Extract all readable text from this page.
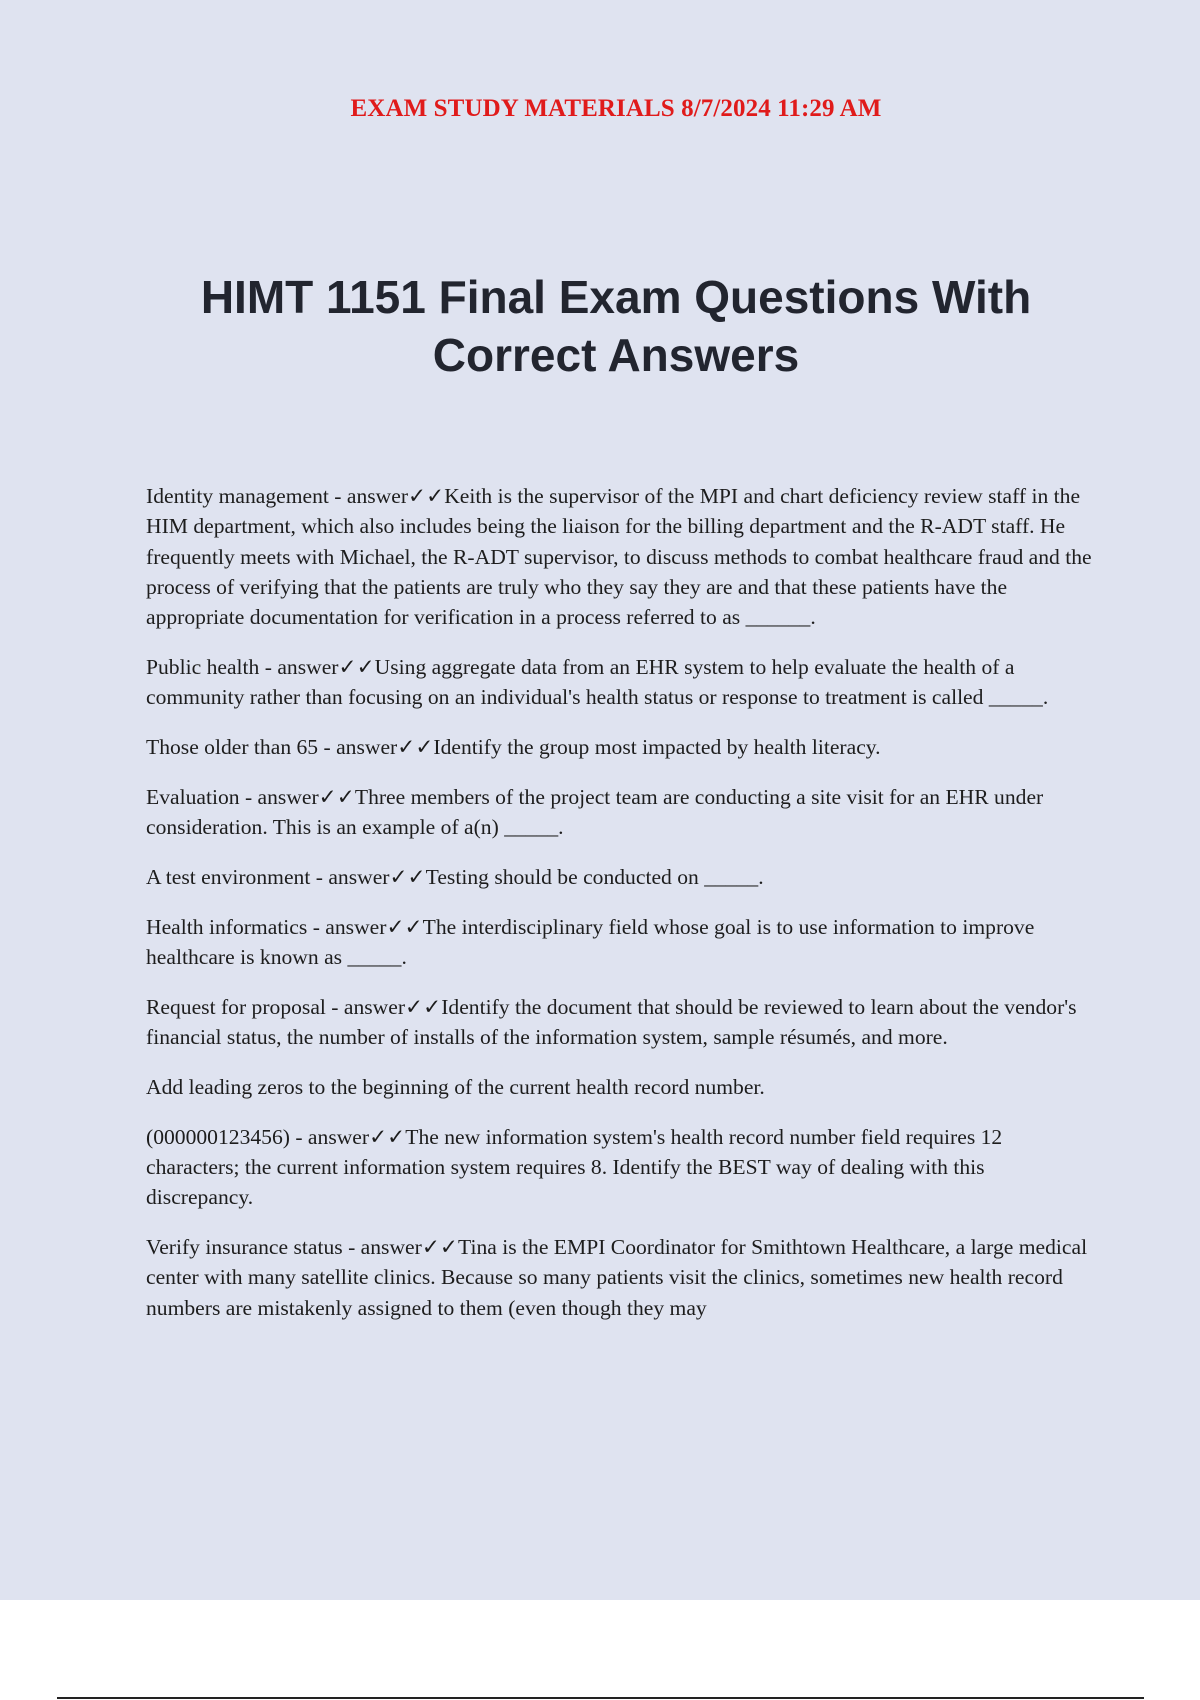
EXAM STUDY MATERIALS 8/7/2024 11:29 AM
HIMT 1151 Final Exam Questions With
Correct Answers

Identity management - answer✓✓Keith is the supervisor of the MPI and chart deficiency review staff in the HIM department, which also includes being the liaison for the billing department and the R-ADT staff. He frequently meets with Michael, the R-ADT supervisor, to discuss methods to combat healthcare fraud and the process of verifying that the patients are truly who they say they are and that these patients have the appropriate documentation for verification in a process referred to as ______.

Public health - answer✓✓Using aggregate data from an EHR system to help evaluate the health of a community rather than focusing on an individual's health status or response to treatment is called _____.

Those older than 65 - answer✓✓Identify the group most impacted by health literacy.

Evaluation - answer✓✓Three members of the project team are conducting a site visit for an EHR under consideration. This is an example of a(n) _____.

A test environment - answer✓✓Testing should be conducted on _____.

Health informatics - answer✓✓The interdisciplinary field whose goal is to use information to improve healthcare is known as _____.

Request for proposal - answer✓✓Identify the document that should be reviewed to learn about the vendor's financial status, the number of installs of the information system, sample résumés, and more.

Add leading zeros to the beginning of the current health record number.

(000000123456) - answer✓✓The new information system's health record number field requires 12 characters; the current information system requires 8. Identify the BEST way of dealing with this discrepancy.

Verify insurance status - answer✓✓Tina is the EMPI Coordinator for Smithtown Healthcare, a large medical center with many satellite clinics. Because so many patients visit the clinics, sometimes new health record numbers are mistakenly assigned to them (even though they may
